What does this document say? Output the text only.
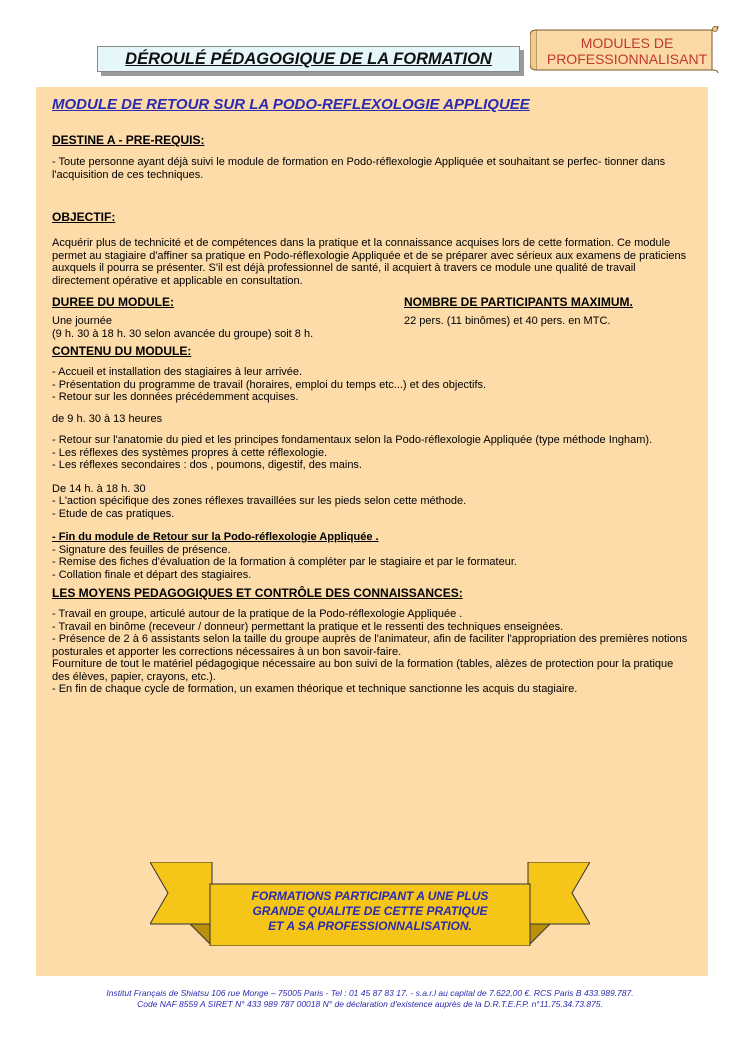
DÉROULÉ PÉDAGOGIQUE DE LA FORMATION
MODULES DE
PROFESSIONNALISANT
MODULE DE RETOUR SUR LA PODO-REFLEXOLOGIE APPLIQUEE
DESTINE A - PRE-REQUIS:

- Toute personne ayant déjà suivi le module de formation en Podo-réflexologie Appliquée et souhaitant se perfec- tionner dans l'acquisition de ces techniques.

OBJECTIF:

Acquérir plus de technicité et de compétences dans la pratique et la connaissance acquises lors de cette formation. Ce module permet au stagiaire d'affiner sa pratique en Podo-réflexologie Appliquée et de se préparer avec sérieux aux examens de praticiens auxquels il pourra se présenter. S'il est déjà professionnel de santé, il acquiert à travers ce module une qualité de travail directement opérative et applicable en consultation.

DUREE DU MODULE:

Une journée

(9 h. 30 à 18 h. 30 selon avancée du groupe) soit 8 h.

NOMBRE DE PARTICIPANTS MAXIMUM.

22 pers. (11 binômes) et 40 pers. en MTC.

CONTENU DU MODULE:

- Accueil et installation des stagiaires à leur arrivée.

- Présentation du programme de travail (horaires, emploi du temps etc...) et des objectifs.

- Retour sur les données précédemment acquises.

de 9 h. 30 à 13 heures

- Retour sur l'anatomie du pied et les principes fondamentaux selon la Podo-réflexologie Appliquée (type méthode Ingham).

- Les réflexes des systèmes propres à cette réflexologie.

- Les réflexes secondaires : dos , poumons, digestif, des mains.

De 14 h. à 18 h. 30

- L'action spécifique des zones réflexes travaillées sur les pieds selon cette méthode.

- Etude de cas pratiques.

- Fin du module de Retour sur la Podo-réflexologie Appliquée .

- Signature des feuilles de présence.

- Remise des fiches d'évaluation de la formation à compléter par le stagiaire et par le formateur.

- Collation finale et départ des stagiaires.

LES MOYENS PEDAGOGIQUES ET CONTRÔLE DES CONNAISSANCES:

- Travail en groupe, articulé autour de la pratique de la Podo-réflexologie Appliquée .

- Travail en binôme (receveur / donneur) permettant la pratique et le ressenti des techniques enseignées.

- Présence de 2 à 6 assistants selon la taille du groupe auprès de l'animateur, afin de faciliter l'appropriation des premières notions posturales et apporter les corrections nécessaires à un bon savoir-faire.

Fourniture de tout le matériel pédagogique nécessaire au bon suivi de la formation (tables, alèzes de protection pour la pratique des élèves, papier, crayons, etc.).

- En fin de chaque cycle de formation, un examen théorique et technique sanctionne les acquis du stagiaire.

FORMATIONS PARTICIPANT A UNE PLUS
GRANDE QUALITE DE CETTE PRATIQUE
ET A SA PROFESSIONNALISATION.
Institut Français de Shiatsu 106 rue Monge – 75005 Paris - Tel : 01 45 87 83 17. - s.a.r.l au capital de 7.622,00 €. RCS Paris B 433.989.787.
Code NAF 8559 A SIRET N° 433 989 787 00018 N° de déclaration d'existence auprès de la D.R.T.E.F.P. n°11.75.34.73.875.
